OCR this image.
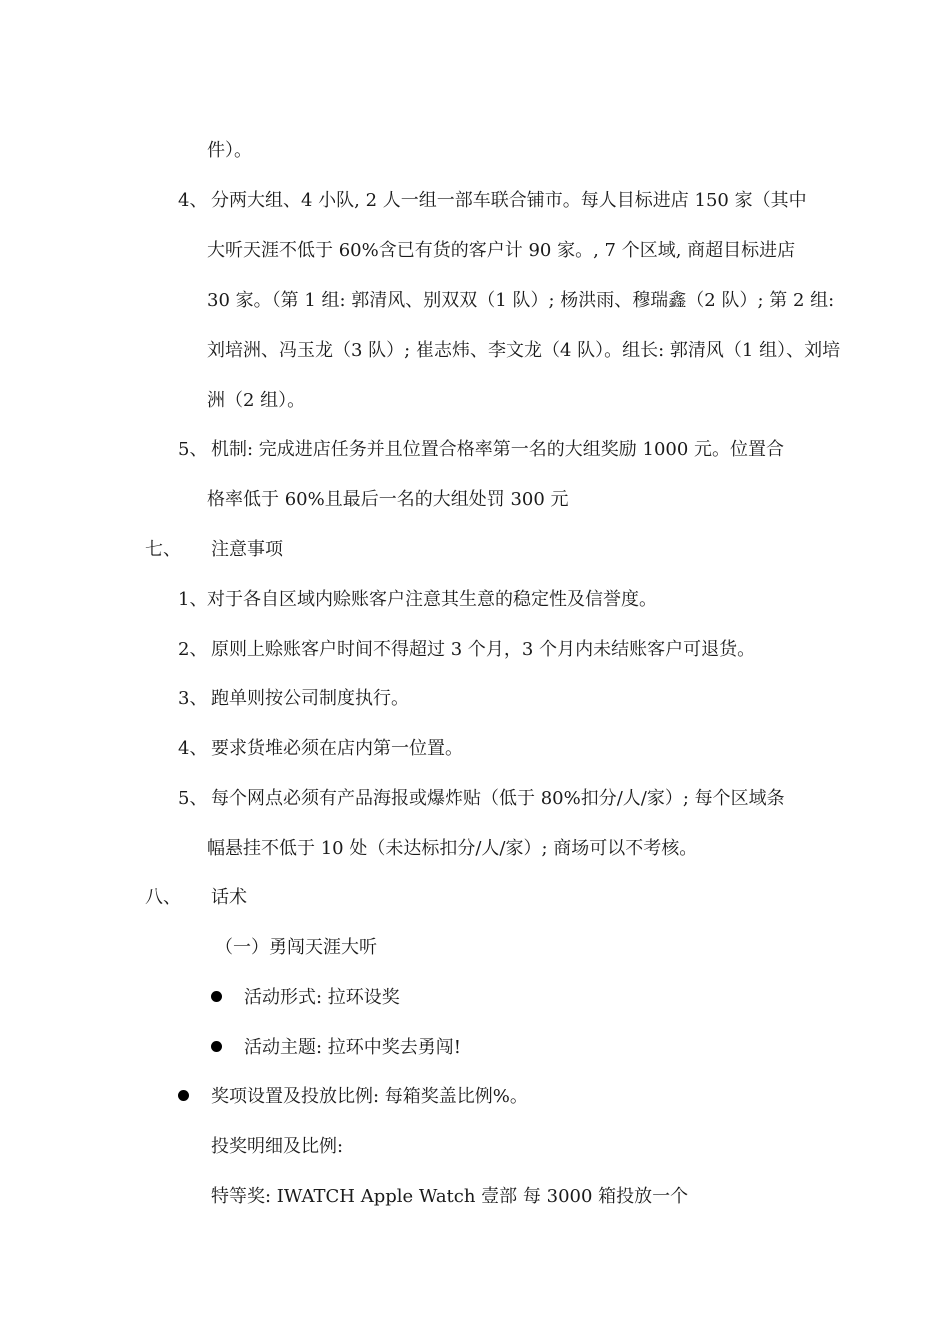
件）。
4、 分两大组、4 小队, 2 人一组一部车联合铺市。每人目标进店 150 家（其中
大听天涯不低于 60%含已有货的客户计 90 家。, 7 个区域, 商超目标进店
30 家。（第 1 组: 郭清风、别双双（1 队）; 杨洪雨、穆瑞鑫（2 队）; 第 2 组:
刘培洲、冯玉龙（3 队）; 崔志炜、李文龙（4 队）。组长: 郭清风（1 组）、刘培
洲（2 组）。
5、 机制: 完成进店任务并且位置合格率第一名的大组奖励 1000 元。位置合
格率低于 60%且最后一名的大组处罚 300 元
七、 注意事项
1、 对于各自区域内赊账客户注意其生意的稳定性及信誉度。
2、 原则上赊账客户时间不得超过 3 个月，3 个月内未结账客户可退货。
3、 跑单则按公司制度执行。
4、 要求货堆必须在店内第一位置。
5、 每个网点必须有产品海报或爆炸贴（低于 80%扣分/人/家）; 每个区域条
幅悬挂不低于 10 处（未达标扣分/人/家）; 商场可以不考核。
八、 话术
（一）勇闯天涯大听
活动形式: 拉环设奖
活动主题: 拉环中奖去勇闯!
奖项设置及投放比例: 每箱奖盖比例%。
投奖明细及比例:
特等奖: IWATCH Apple Watch 壹部 每 3000 箱投放一个
